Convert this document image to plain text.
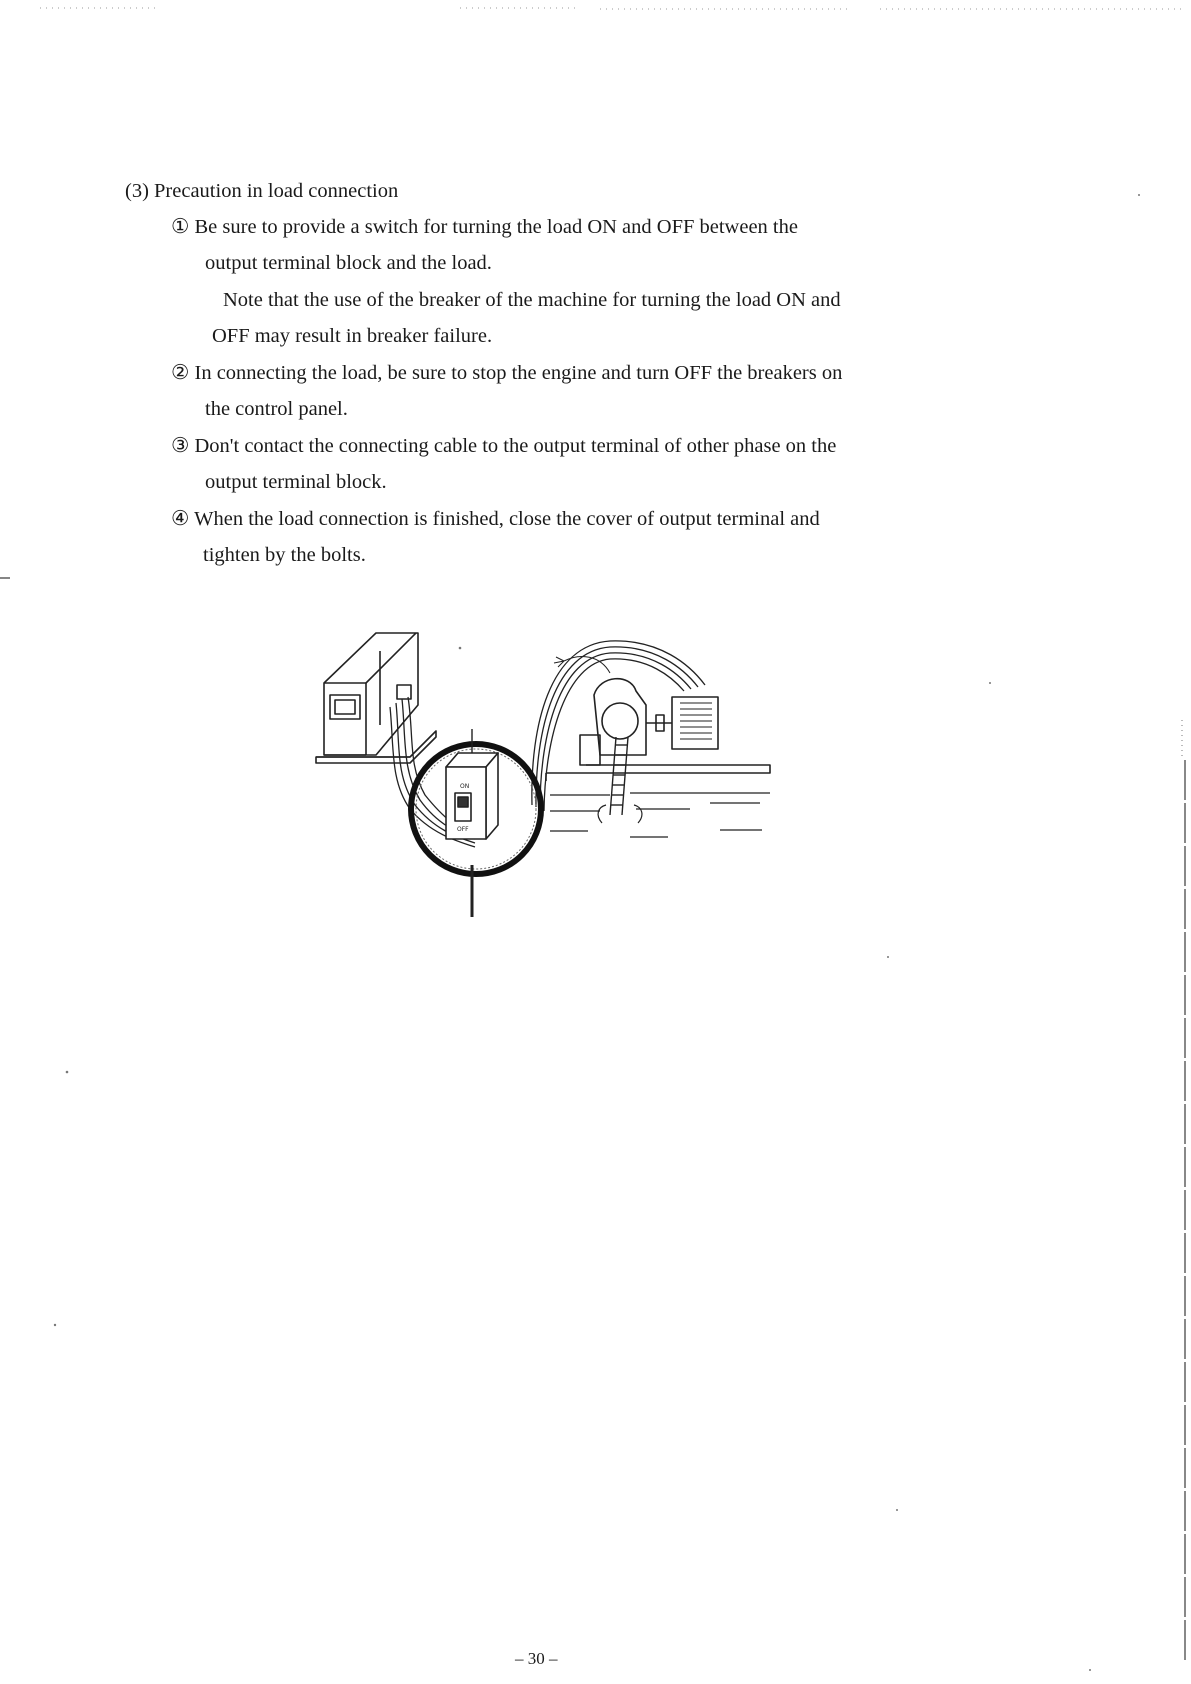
(3) Precaution in load connection
① Be sure to provide a switch for turning the load ON and OFF between the
output terminal block and the load.
Note that the use of the breaker of the machine for turning the load ON and
OFF may result in breaker failure.
② In connecting the load, be sure to stop the engine and turn OFF the breakers on
the control panel.
③ Don't contact the connecting cable to the output terminal of other phase on the
output terminal block.
④ When the load connection is finished, close the cover of output terminal and
tighten by the bolts.
ON
OFF
– 30 –
